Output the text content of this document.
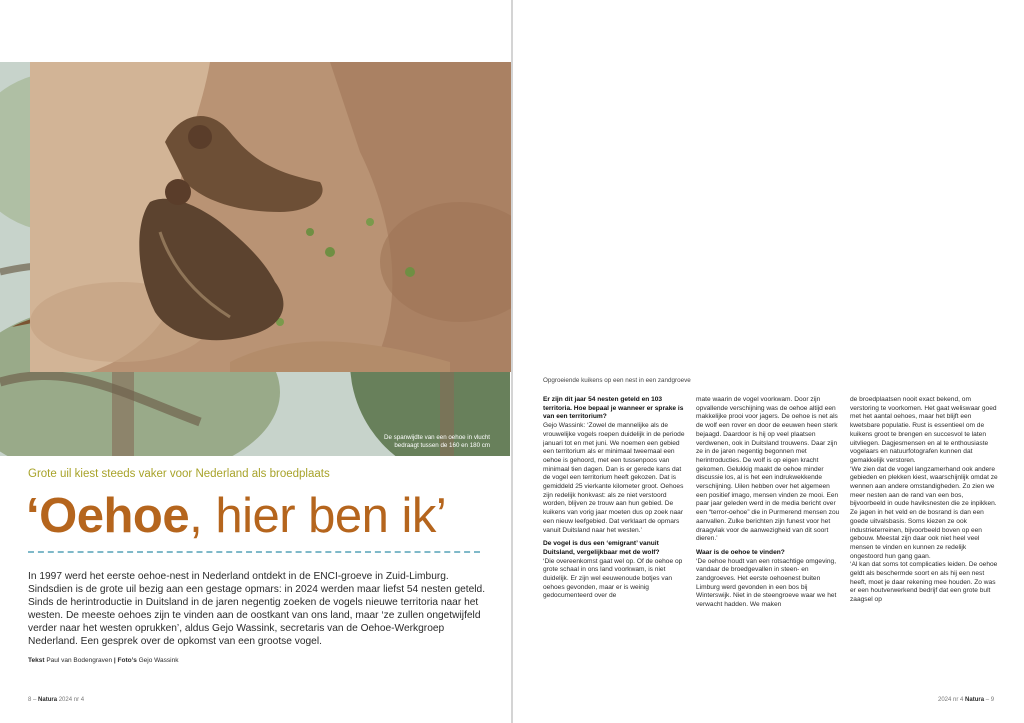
De spanwijdte van een oehoe in vlucht
bedraagt tussen de 160 en 180 cm
Grote uil kiest steeds vaker voor Nederland als broedplaats
‘Oehoe, hier ben ik’

In 1997 werd het eerste oehoe-nest in Nederland ontdekt in de ENCI-groeve in Zuid-Limburg. Sindsdien is de grote uil bezig aan een gestage opmars: in 2024 werden maar liefst 54 nesten geteld. Sinds de herintroductie in Duitsland in de jaren negentig zoeken de vogels nieuwe territoria naar het westen. De meeste oehoes zijn te vinden aan de oostkant van ons land, maar ‘ze zullen ongetwijfeld verder naar het westen oprukken’, aldus Gejo Wassink, secretaris van de Oehoe-Werkgroep Nederland. Een gesprek over de opkomst van een grootse vogel.

Tekst Paul van Bodengraven | Foto’s Gejo Wassink
8 – Natura 2024 nr 4
Opgroeiende kuikens op een nest in een zandgroeve

Er zijn dit jaar 54 nesten geteld en 103 territoria. Hoe bepaal je wanneer er sprake is van een territorium?

Gejo Wassink: ‘Zowel de mannelijke als de vrouwelijke vogels roepen duidelijk in de periode januari tot en met juni. We noemen een gebied een territorium als er minimaal tweemaal een oehoe is gehoord, met een tussenpoos van minimaal tien dagen. Dan is er gerede kans dat de vogel een territorium heeft gekozen. Dat is gemiddeld 25 vierkante kilometer groot. Oehoes zijn redelijk honkvast: als ze niet verstoord worden, blijven ze trouw aan hun gebied. De kuikens van vorig jaar moeten dus op zoek naar een nieuw leefgebied. Dat verklaart de opmars vanuit Duitsland naar het westen.’

De vogel is dus een ‘emigrant’ vanuit Duitsland, vergelijkbaar met de wolf?

‘Die overeenkomst gaat wel op. Of de oehoe op grote schaal in ons land voorkwam, is niet duidelijk. Er zijn wel eeuwenoude botjes van oehoes gevonden, maar er is weinig gedocumenteerd over de

mate waarin de vogel voorkwam. Door zijn opvallende verschijning was de oehoe altijd een makkelijke prooi voor jagers. De oehoe is net als de wolf een rover en door de eeuwen heen sterk bejaagd. Daardoor is hij op veel plaatsen verdwenen, ook in Duitsland trouwens. Daar zijn ze in de jaren negentig begonnen met herintroducties. De wolf is op eigen kracht gekomen. Gelukkig maakt de oehoe minder discussie los, al is het een indrukwekkende verschijning. Uilen hebben over het algemeen een positief imago, mensen vinden ze mooi. Een paar jaar geleden werd in de media bericht over een “terror-oehoe” die in Purmerend mensen zou aanvallen. Zulke berichten zijn funest voor het draagvlak voor de aanwezigheid van dit soort dieren.’

Waar is de oehoe te vinden?

‘De oehoe houdt van een rotsachtige omgeving, vandaar de broedgevallen in steen- en zandgroeves. Het eerste oehoenest buiten Limburg werd gevonden in een bos bij Winterswijk. Niet in de steengroeve waar we het verwacht hadden. We maken

de broedplaatsen nooit exact bekend, om verstoring te voorkomen. Het gaat weliswaar goed met het aantal oehoes, maar het blijft een kwetsbare populatie. Rust is essentieel om de kuikens groot te brengen en succesvol te laten uitvliegen. Dagjesmensen en al te enthousiaste vogelaars en natuurfotografen kunnen dat gemakkelijk verstoren.

‘We zien dat de vogel langzamerhand ook andere gebieden en plekken kiest, waarschijnlijk omdat ze wennen aan andere omstandigheden. Zo zien we meer nesten aan de rand van een bos, bijvoorbeeld in oude haviksnesten die ze inpikken. Ze jagen in het veld en de bosrand is dan een goede uitvalsbasis. Soms kiezen ze ook industrieterreinen, bijvoorbeeld boven op een gebouw. Meestal zijn daar ook niet heel veel mensen te vinden en kunnen ze redelijk ongestoord hun gang gaan.

‘Al kan dat soms tot complicaties leiden. De oehoe geldt als beschermde soort en als hij een nest heeft, moet je daar rekening mee houden. Zo was er een houtverwerkend bedrijf dat een grote bult zaagsel op

2024 nr 4 Natura – 9
